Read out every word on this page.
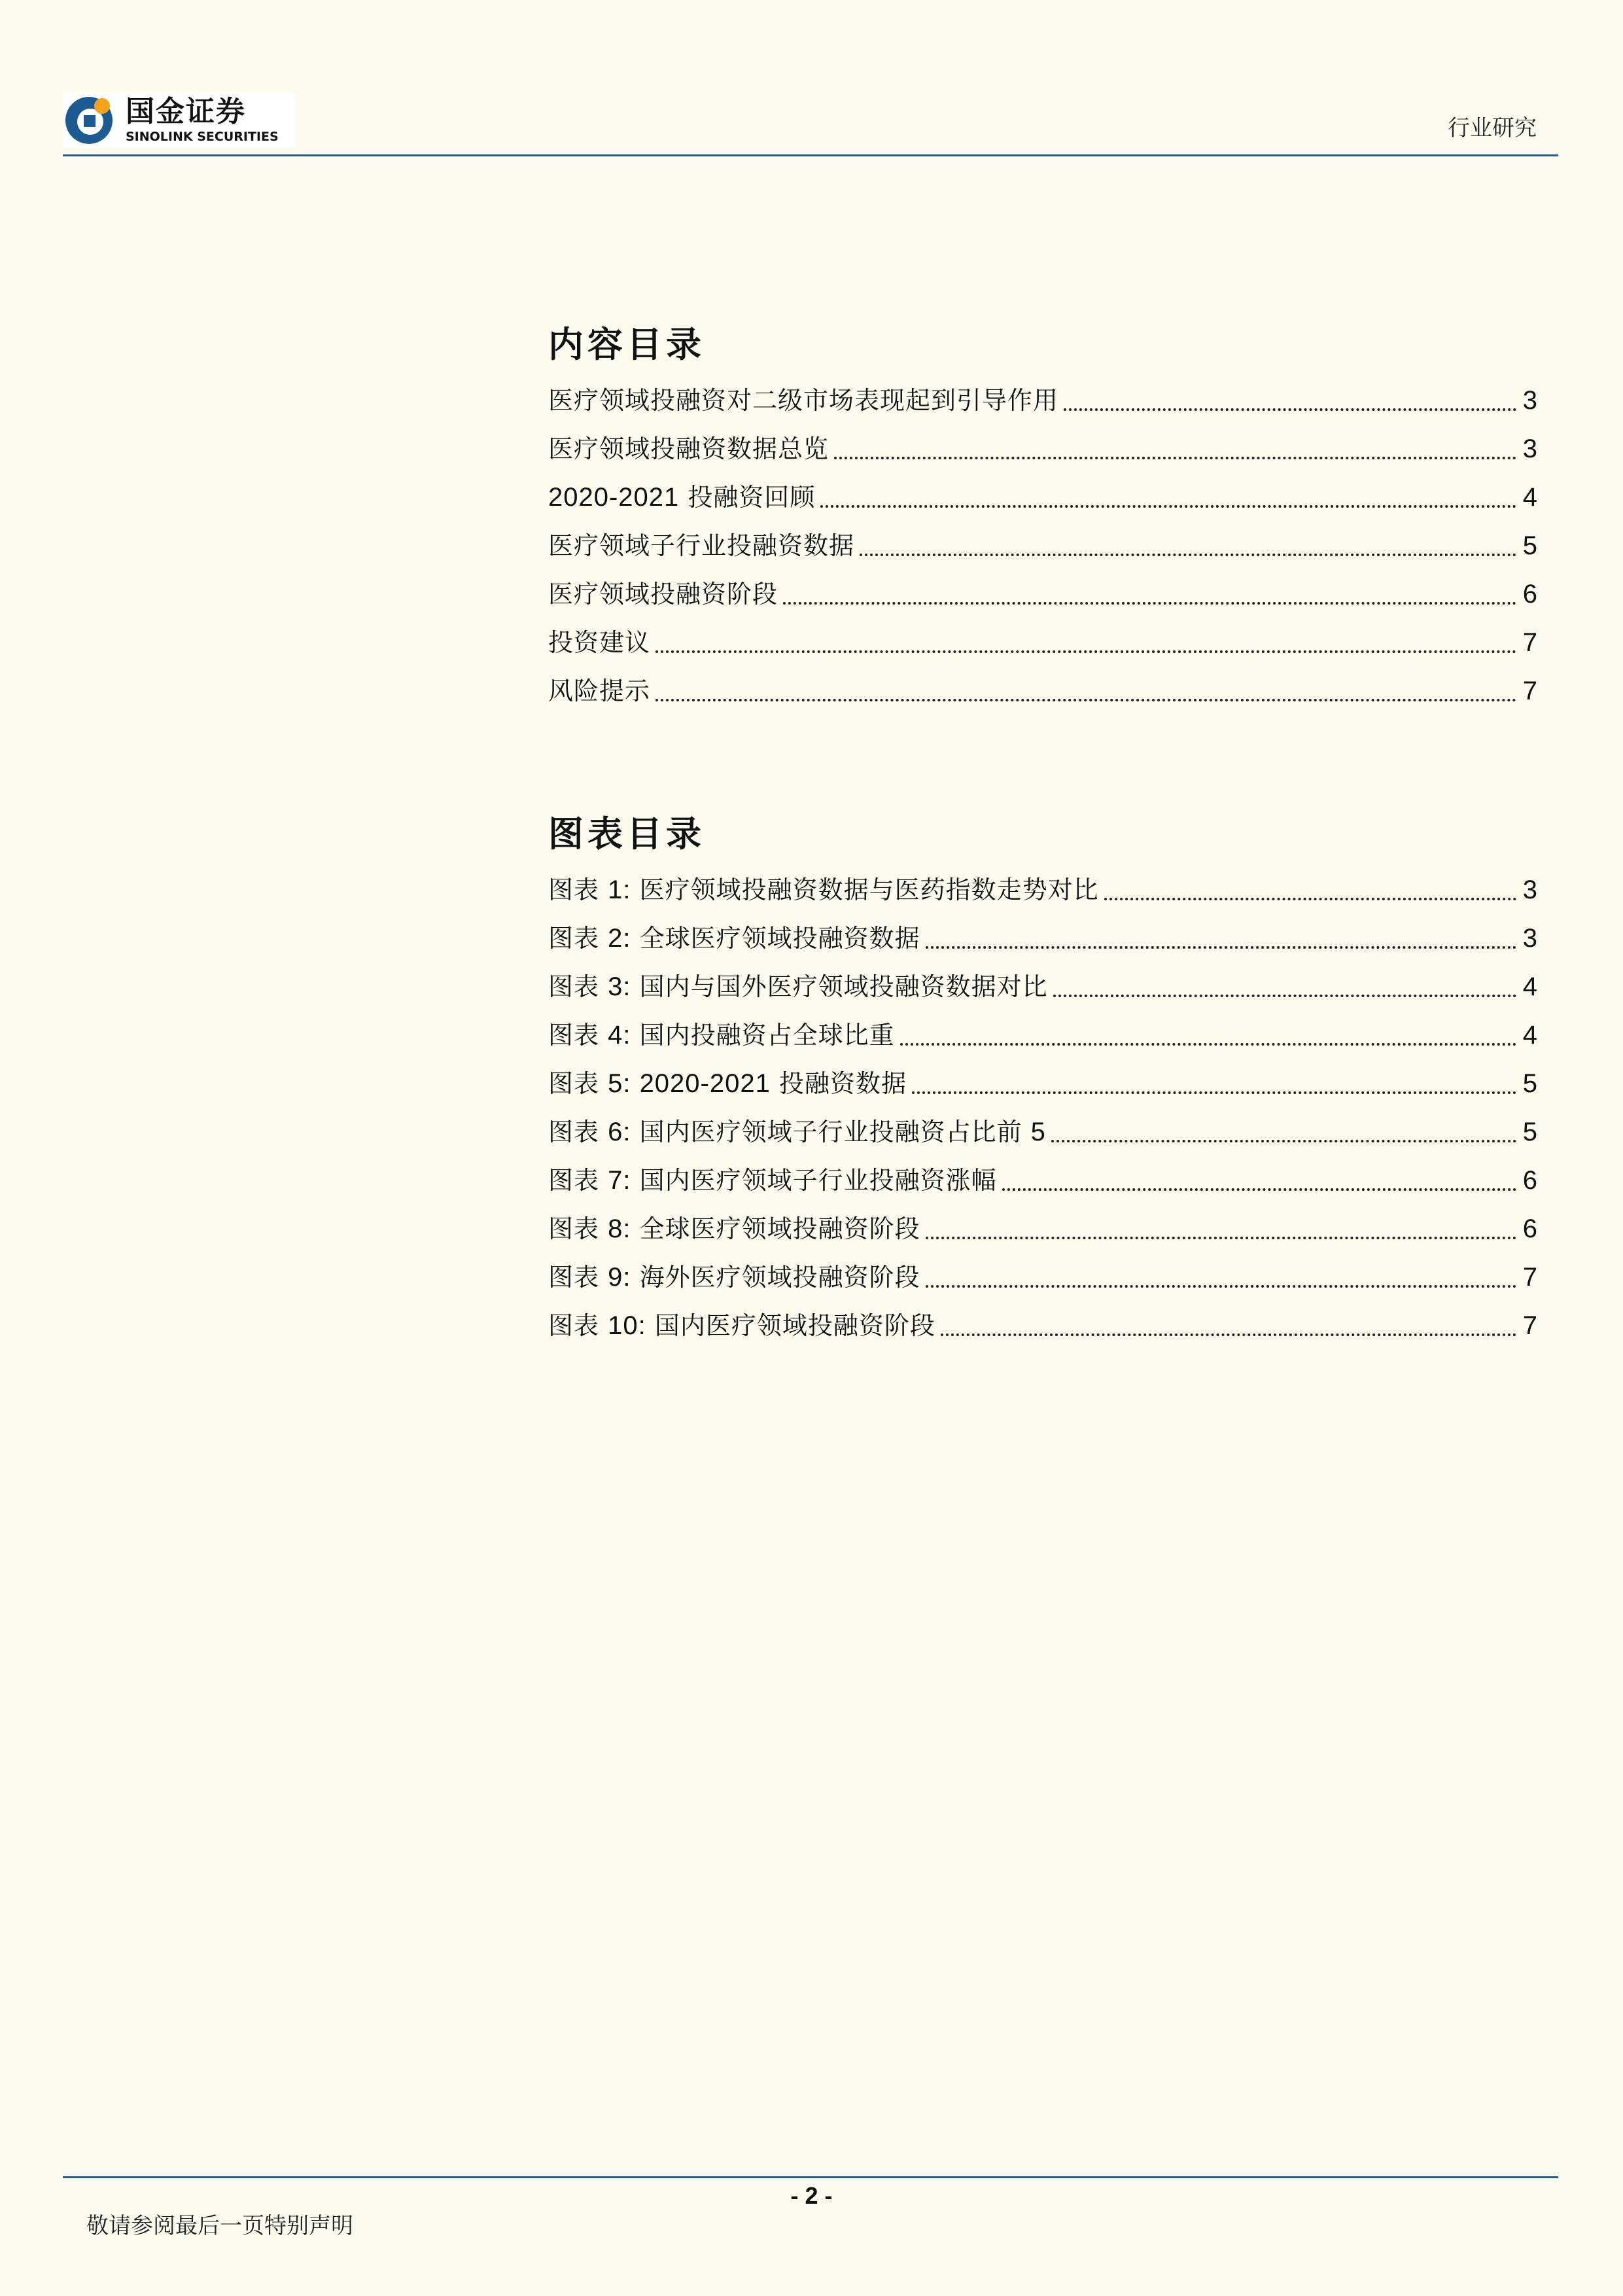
国金证券
SINOLINK SECURITIES	行业研究
内容目录
医疗领域投融资对二级市场表现起到引导作用	3
医疗领域投融资数据总览	3
2020-2021 投融资回顾	4
医疗领域子行业投融资数据	5
医疗领域投融资阶段	6
投资建议	7
风险提示	7
图表目录
图表 1: 医疗领域投融资数据与医药指数走势对比	3
图表 2: 全球医疗领域投融资数据	3
图表 3: 国内与国外医疗领域投融资数据对比	4
图表 4: 国内投融资占全球比重	4
图表 5: 2020-2021 投融资数据	5
图表 6: 国内医疗领域子行业投融资占比前 5	5
图表 7: 国内医疗领域子行业投融资涨幅	6
图表 8: 全球医疗领域投融资阶段	6
图表 9: 海外医疗领域投融资阶段	7
图表 10: 国内医疗领域投融资阶段	7
- 2 -
敬请参阅最后一页特别声明
